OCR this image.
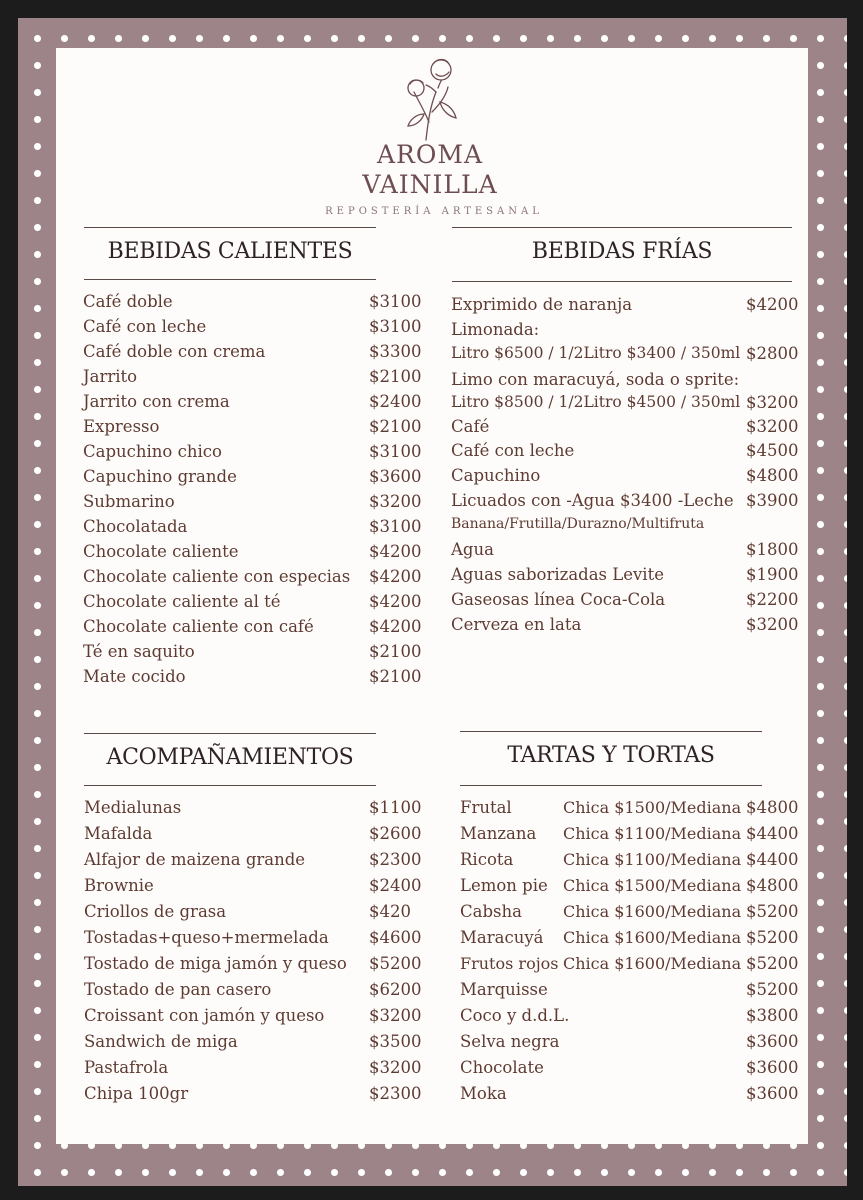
AROMA
VAINILLA
REPOSTERÍA ARTESANAL
BEBIDAS CALIENTES	BEBIDAS FRÍAS
ACOMPAÑAMIENTOS	TARTAS Y TORTAS
Café doble	$3100
Café con leche	$3100
Café doble con crema	$3300
Jarrito	$2100
Jarrito con crema	$2400
Expresso	$2100
Capuchino chico	$3100
Capuchino grande	$3600
Submarino	$3200
Chocolatada	$3100
Chocolate caliente	$4200
Chocolate caliente con especias $4200
Chocolate caliente al té	$4200
Chocolate caliente con café	$4200
Té en saquito	$2100
Mate cocido	$2100
Exprimido de naranja	$4200
Limonada:
Litro $6500 / 1/2Litro $3400 / 350ml $2800
Limo con maracuyá, soda o sprite:
Litro $8500 / 1/2Litro $4500 / 350ml $3200
Café	$3200
Café con leche	$4500
Capuchino	$4800
Licuados con -Agua $3400 -Leche $3900
Banana/Frutilla/Durazno/Multifruta
Agua	$1800
Aguas saborizadas Levite	$1900
Gaseosas línea Coca-Cola	$2200
Cerveza en lata	$3200
Medialunas	$1100
Mafalda	$2600
Alfajor de maizena grande	$2300
Brownie	$2400
Criollos de grasa	$420
Tostadas+queso+mermelada $4600
Tostado de miga jamón y queso $5200
Tostado de pan casero	$6200
Croissant con jamón y queso	$3200
Sandwich de miga	$3500
Pastafrola	$3200
Chipa 100gr	$2300
Frutal	Chica $1500/Mediana $4800
Manzana Chica $1100/Mediana $4400
Ricota	Chica $1100/Mediana $4400
Lemon pie Chica $1500/Mediana $4800
Cabsha	Chica $1600/Mediana $5200
Maracuyá Chica $1600/Mediana $5200
Frutos rojos Chica $1600/Mediana $5200
Marquisse	$5200
Coco y d.d.L.	$3800
Selva negra	$3600
Chocolate	$3600
Moka	$3600
